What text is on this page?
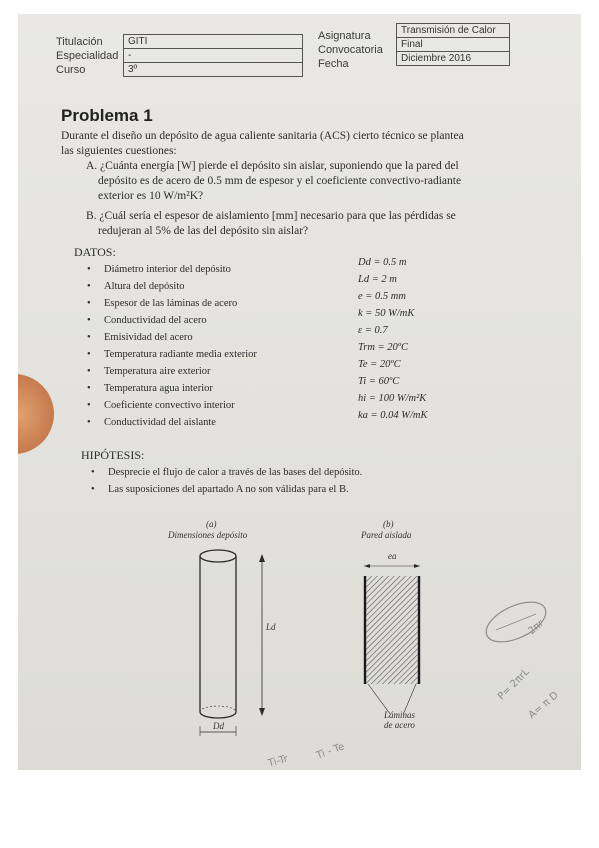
Titulación
Especialidad
Curso
GITI
-
3º
Asignatura
Convocatoria
Fecha
Transmisión de Calor
Final
Diciembre 2016
Problema 1
Durante el diseño un depósito de agua caliente sanitaria (ACS) cierto técnico se plantea
las siguientes cuestiones:
A. ¿Cuánta energía [W] pierde el depósito sin aislar, suponiendo que la pared del
depósito es de acero de 0.5 mm de espesor y el coeficiente convectivo-radiante
exterior es 10 W/m²K?
B. ¿Cuál sería el espesor de aislamiento [mm] necesario para que las pérdidas se
redujeran al 5% de las del depósito sin aislar?
DATOS:
• Diámetro interior del depósito
Dd = 0.5 m
• Altura del depósito
Ld = 2 m
• Espesor de las láminas de acero
e = 0.5 mm
• Conductividad del acero
k = 50 W/mK
• Emisividad del acero
ε = 0.7
• Temperatura radiante media exterior
Trm = 20ºC
• Temperatura aire exterior
Te = 20ºC
• Temperatura agua interior
Ti = 60ºC
• Coeficiente convectivo interior
hi = 100 W/m²K
• Conductividad del aislante
ka = 0.04 W/mK
HIPÓTESIS:
• Desprecie el flujo de calor a través de las bases del depósito.
• Las suposiciones del apartado A no son válidas para el B.
(a)
Dimensiones depósito
Ld
Dd
(b)
Pared aislada
ea
Láminas
de acero
2πr
P= 2πrL
A= π D
Ti-Tr	Ti - Te
